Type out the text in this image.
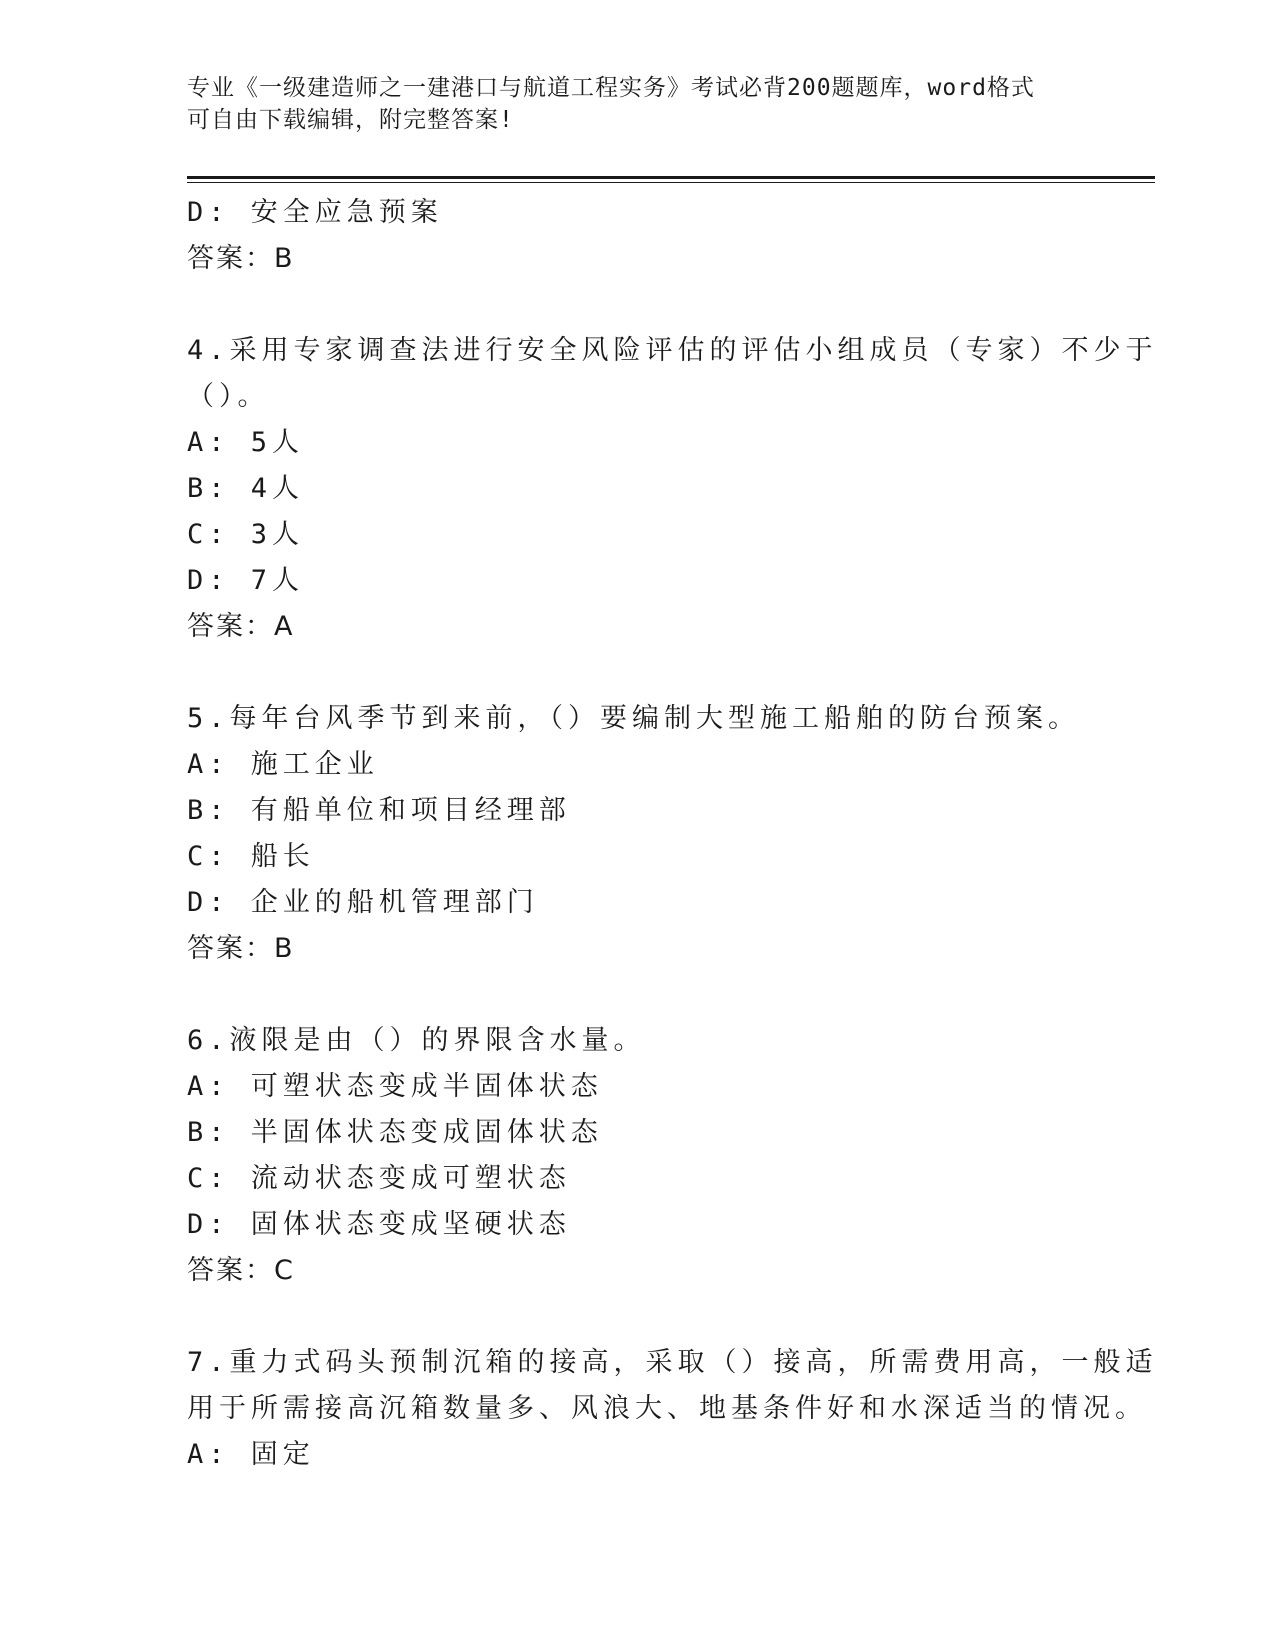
专业《一级建造师之一建港口与航道工程实务》考试必背200题题库，word格式
可自由下载编辑，附完整答案!
D: 安全应急预案
答案：B
4.采用专家调查法进行安全风险评估的评估小组成员（专家）不少于
（）。
A: 5人
B: 4人
C: 3人
D: 7人
答案：A
5.每年台风季节到来前，（）要编制大型施工船舶的防台预案。
A: 施工企业
B: 有船单位和项目经理部
C: 船长
D: 企业的船机管理部门
答案：B
6.液限是由（）的界限含水量。
A: 可塑状态变成半固体状态
B: 半固体状态变成固体状态
C: 流动状态变成可塑状态
D: 固体状态变成坚硬状态
答案：C
7.重力式码头预制沉箱的接高，采取（）接高，所需费用高，一般适
用于所需接高沉箱数量多、风浪大、地基条件好和水深适当的情况。
A: 固定
